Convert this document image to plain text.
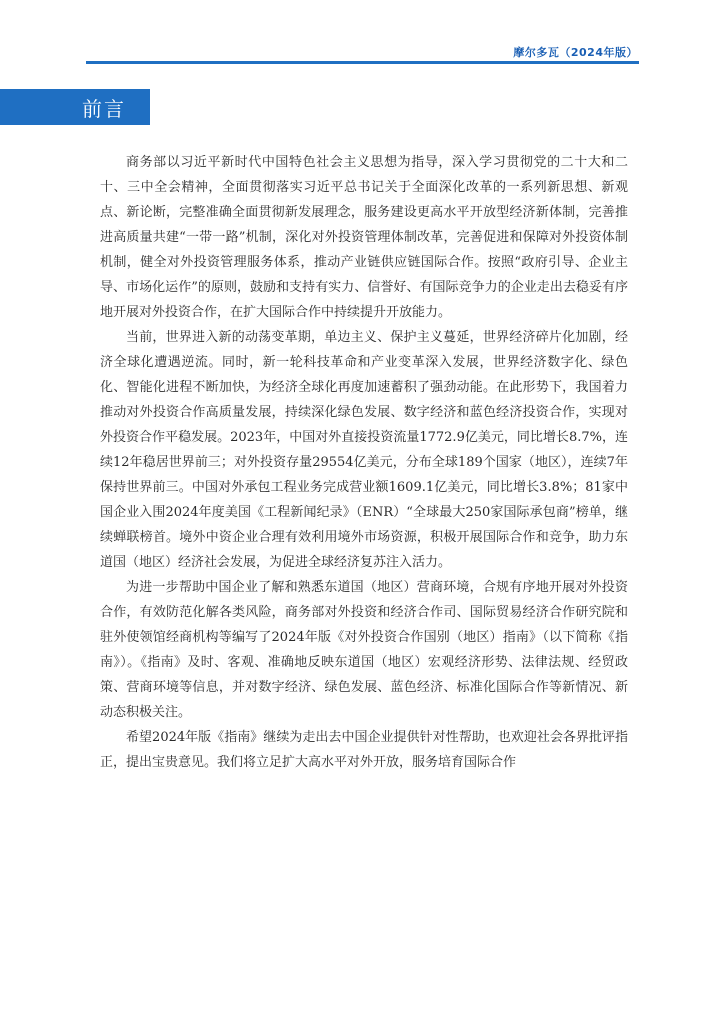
摩尔多瓦（2024年版）
前言

商务部以习近平新时代中国特色社会主义思想为指导，深入学习贯彻党的二十大和二十、三中全会精神，全面贯彻落实习近平总书记关于全面深化改革的一系列新思想、新观点、新论断，完整准确全面贯彻新发展理念，服务建设更高水平开放型经济新体制，完善推进高质量共建“一带一路”机制，深化对外投资管理体制改革，完善促进和保障对外投资体制机制，健全对外投资管理服务体系，推动产业链供应链国际合作。按照“政府引导、企业主导、市场化运作”的原则，鼓励和支持有实力、信誉好、有国际竞争力的企业走出去稳妥有序地开展对外投资合作，在扩大国际合作中持续提升开放能力。

当前，世界进入新的动荡变革期，单边主义、保护主义蔓延，世界经济碎片化加剧，经济全球化遭遇逆流。同时，新一轮科技革命和产业变革深入发展，世界经济数字化、绿色化、智能化进程不断加快，为经济全球化再度加速蓄积了强劲动能。在此形势下，我国着力推动对外投资合作高质量发展，持续深化绿色发展、数字经济和蓝色经济投资合作，实现对外投资合作平稳发展。2023年，中国对外直接投资流量1772.9亿美元，同比增长8.7%，连续12年稳居世界前三；对外投资存量29554亿美元，分布全球189个国家（地区），连续7年保持世界前三。中国对外承包工程业务完成营业额1609.1亿美元，同比增长3.8%；81家中国企业入围2024年度美国《工程新闻纪录》（ENR）“全球最大250家国际承包商”榜单，继续蝉联榜首。境外中资企业合理有效利用境外市场资源，积极开展国际合作和竞争，助力东道国（地区）经济社会发展，为促进全球经济复苏注入活力。

为进一步帮助中国企业了解和熟悉东道国（地区）营商环境，合规有序地开展对外投资合作，有效防范化解各类风险，商务部对外投资和经济合作司、国际贸易经济合作研究院和驻外使领馆经商机构等编写了2024年版《对外投资合作国别（地区）指南》（以下简称《指南》）。《指南》及时、客观、准确地反映东道国（地区）宏观经济形势、法律法规、经贸政策、营商环境等信息，并对数字经济、绿色发展、蓝色经济、标准化国际合作等新情况、新动态积极关注。

希望2024年版《指南》继续为走出去中国企业提供针对性帮助，也欢迎社会各界批评指正，提出宝贵意见。我们将立足扩大高水平对外开放，服务培育国际合作
